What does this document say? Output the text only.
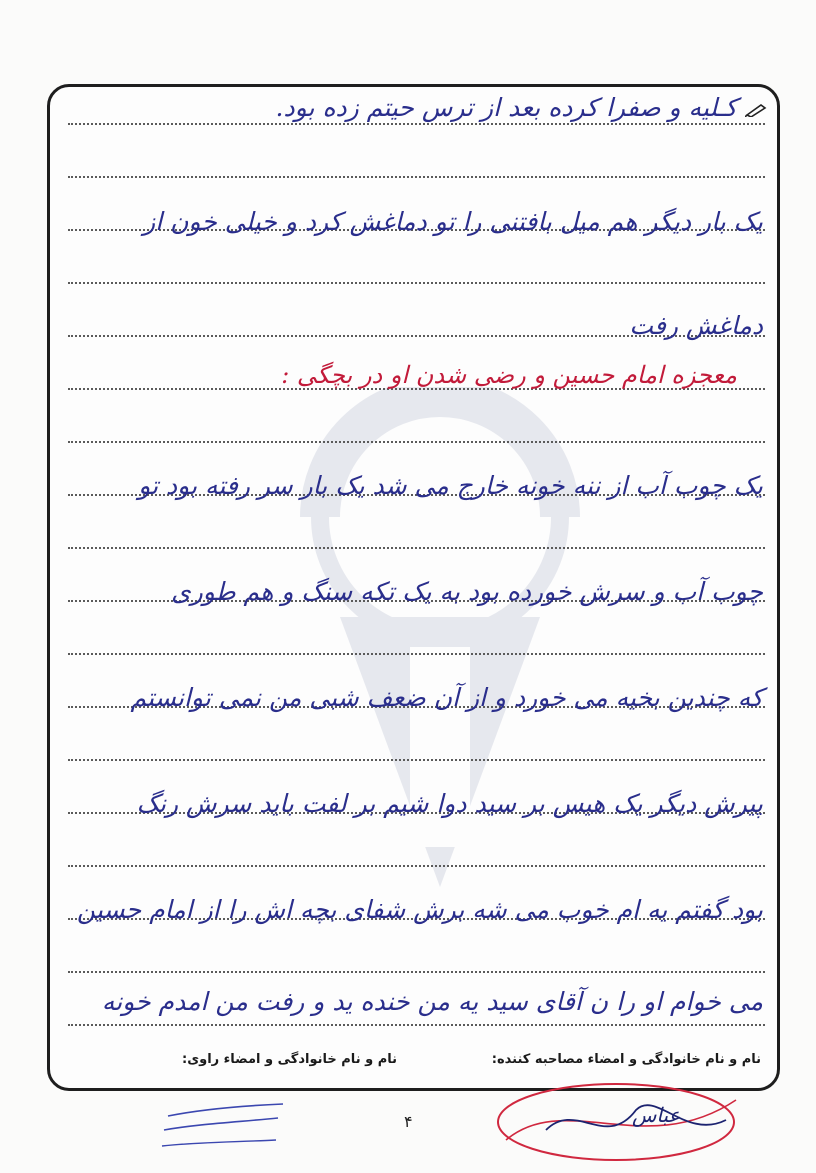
کـلیه و صفرا کرده بعد از ترس حیتم زده بود.
یک بار دیگر هم میل بافتنی را تو دماغش کرد و خیلی خون از
دماغش رفت
معجزه امام حسین و رضی شدن او در بچگی :
یک چوب آب از ننه خونه خارج می شد یک بار سر رفته بود تو
چوب آب و سرش خورده بود به یک تکه سنگ و هم طوری
که چندین بخیه می خورد و از آن ضعف شبی من نمی توانستم
پیرش دیگر یک هیس بر سید دوا شیم بر لفت باید سرش رنگ
بود گفتم یه ام خوب می شه برش شفای بچه اش را از امام حسین
می خوام او را ن آقای سید یه من خنده ید و رفت من امدم خونه
نام و نام خانوادگی و امضاء مصاحبه کننده:
نام و نام خانوادگی و امضاء راوی:
۴	عباس
